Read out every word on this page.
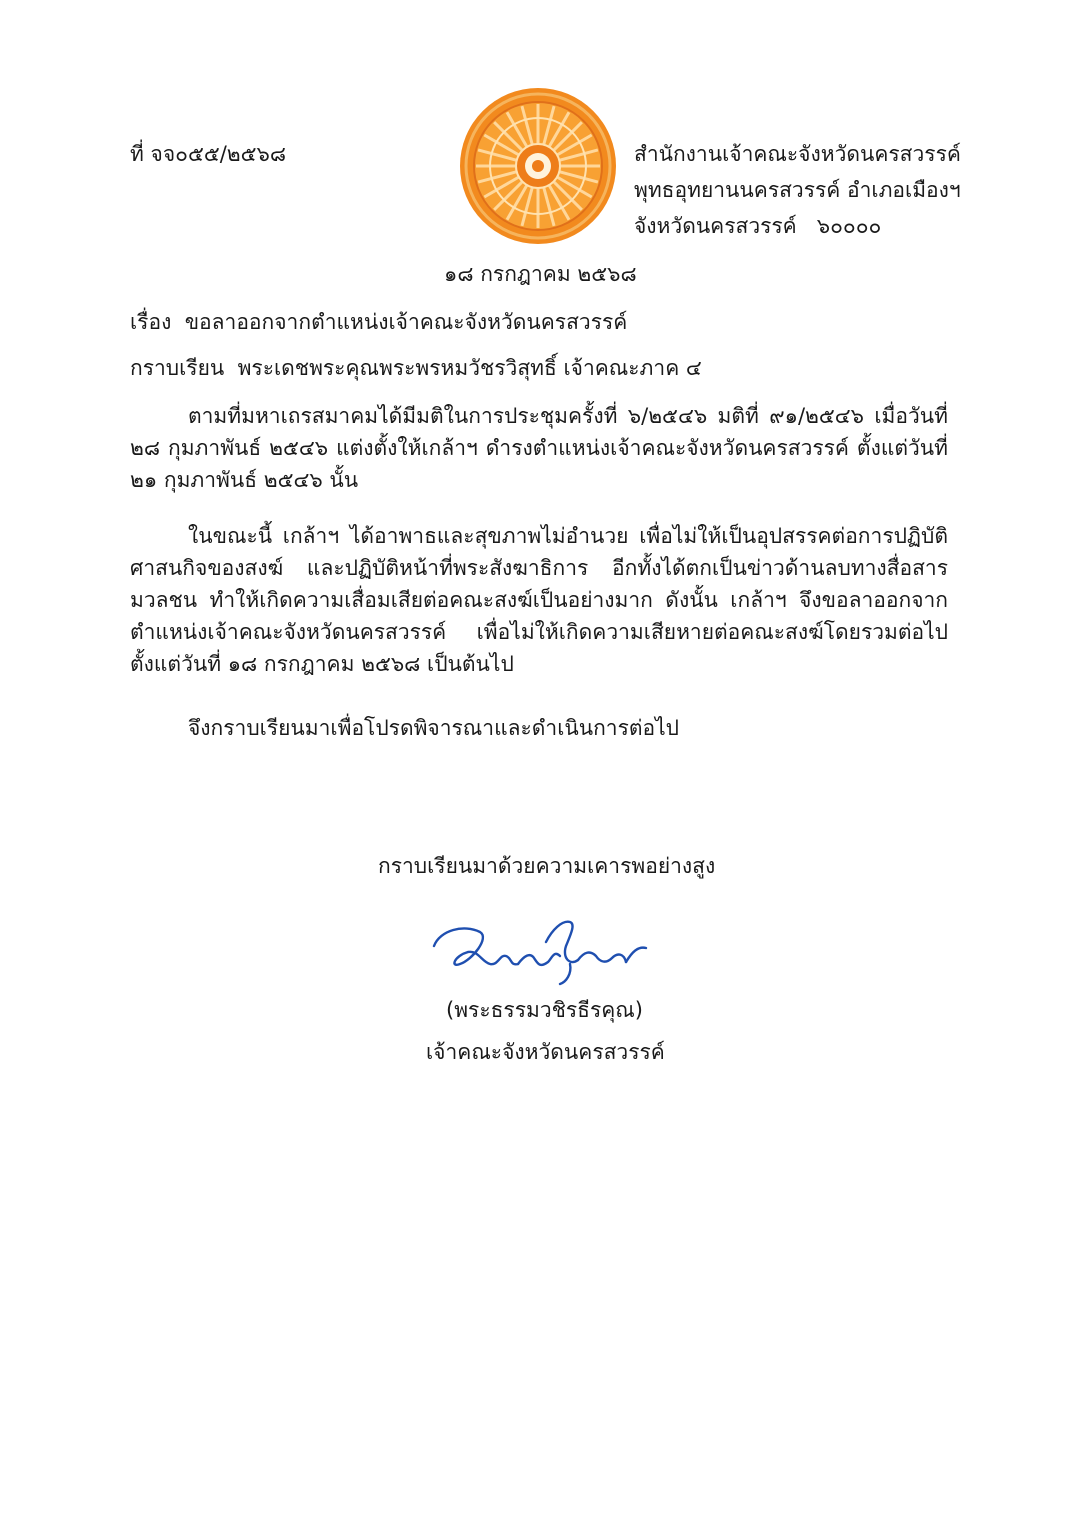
ที่ จจ๐๕๕/๒๕๖๘	สำนักงานเจ้าคณะจังหวัดนครสวรรค์
พุทธอุทยานนครสวรรค์ อำเภอเมืองฯ
จังหวัดนครสวรรค์   ๖๐๐๐๐
๑๘ กรกฎาคม ๒๕๖๘
เรื่อง ขอลาออกจากตำแหน่งเจ้าคณะจังหวัดนครสวรรค์
กราบเรียน พระเดชพระคุณพระพรหมวัชรวิสุทธิ์ เจ้าคณะภาค ๔
ตามที่มหาเถรสมาคมได้มีมติในการประชุมครั้งที่ ๖/๒๕๔๖ มติที่ ๙๑/๒๕๔๖ เมื่อวันที่ ๒๘ กุมภาพันธ์ ๒๕๔๖ แต่งตั้งให้เกล้าฯ ดำรงตำแหน่งเจ้าคณะจังหวัดนครสวรรค์ ตั้งแต่วันที่ ๒๑ กุมภาพันธ์ ๒๕๔๖ นั้น
ในขณะนี้ เกล้าฯ ได้อาพาธและสุขภาพไม่อำนวย เพื่อไม่ให้เป็นอุปสรรคต่อการปฏิบัติศาสนกิจของสงฆ์ และปฏิบัติหน้าที่พระสังฆาธิการ อีกทั้งได้ตกเป็นข่าวด้านลบทางสื่อสารมวลชน ทำให้เกิดความเสื่อมเสียต่อคณะสงฆ์เป็นอย่างมาก ดังนั้น เกล้าฯ จึงขอลาออกจากตำแหน่งเจ้าคณะจังหวัดนครสวรรค์ เพื่อไม่ให้เกิดความเสียหายต่อคณะสงฆ์โดยรวมต่อไป ตั้งแต่วันที่ ๑๘ กรกฎาคม ๒๕๖๘ เป็นต้นไป
จึงกราบเรียนมาเพื่อโปรดพิจารณาและดำเนินการต่อไป
กราบเรียนมาด้วยความเคารพอย่างสูง
(พระธรรมวชิรธีรคุณ)
เจ้าคณะจังหวัดนครสวรรค์
